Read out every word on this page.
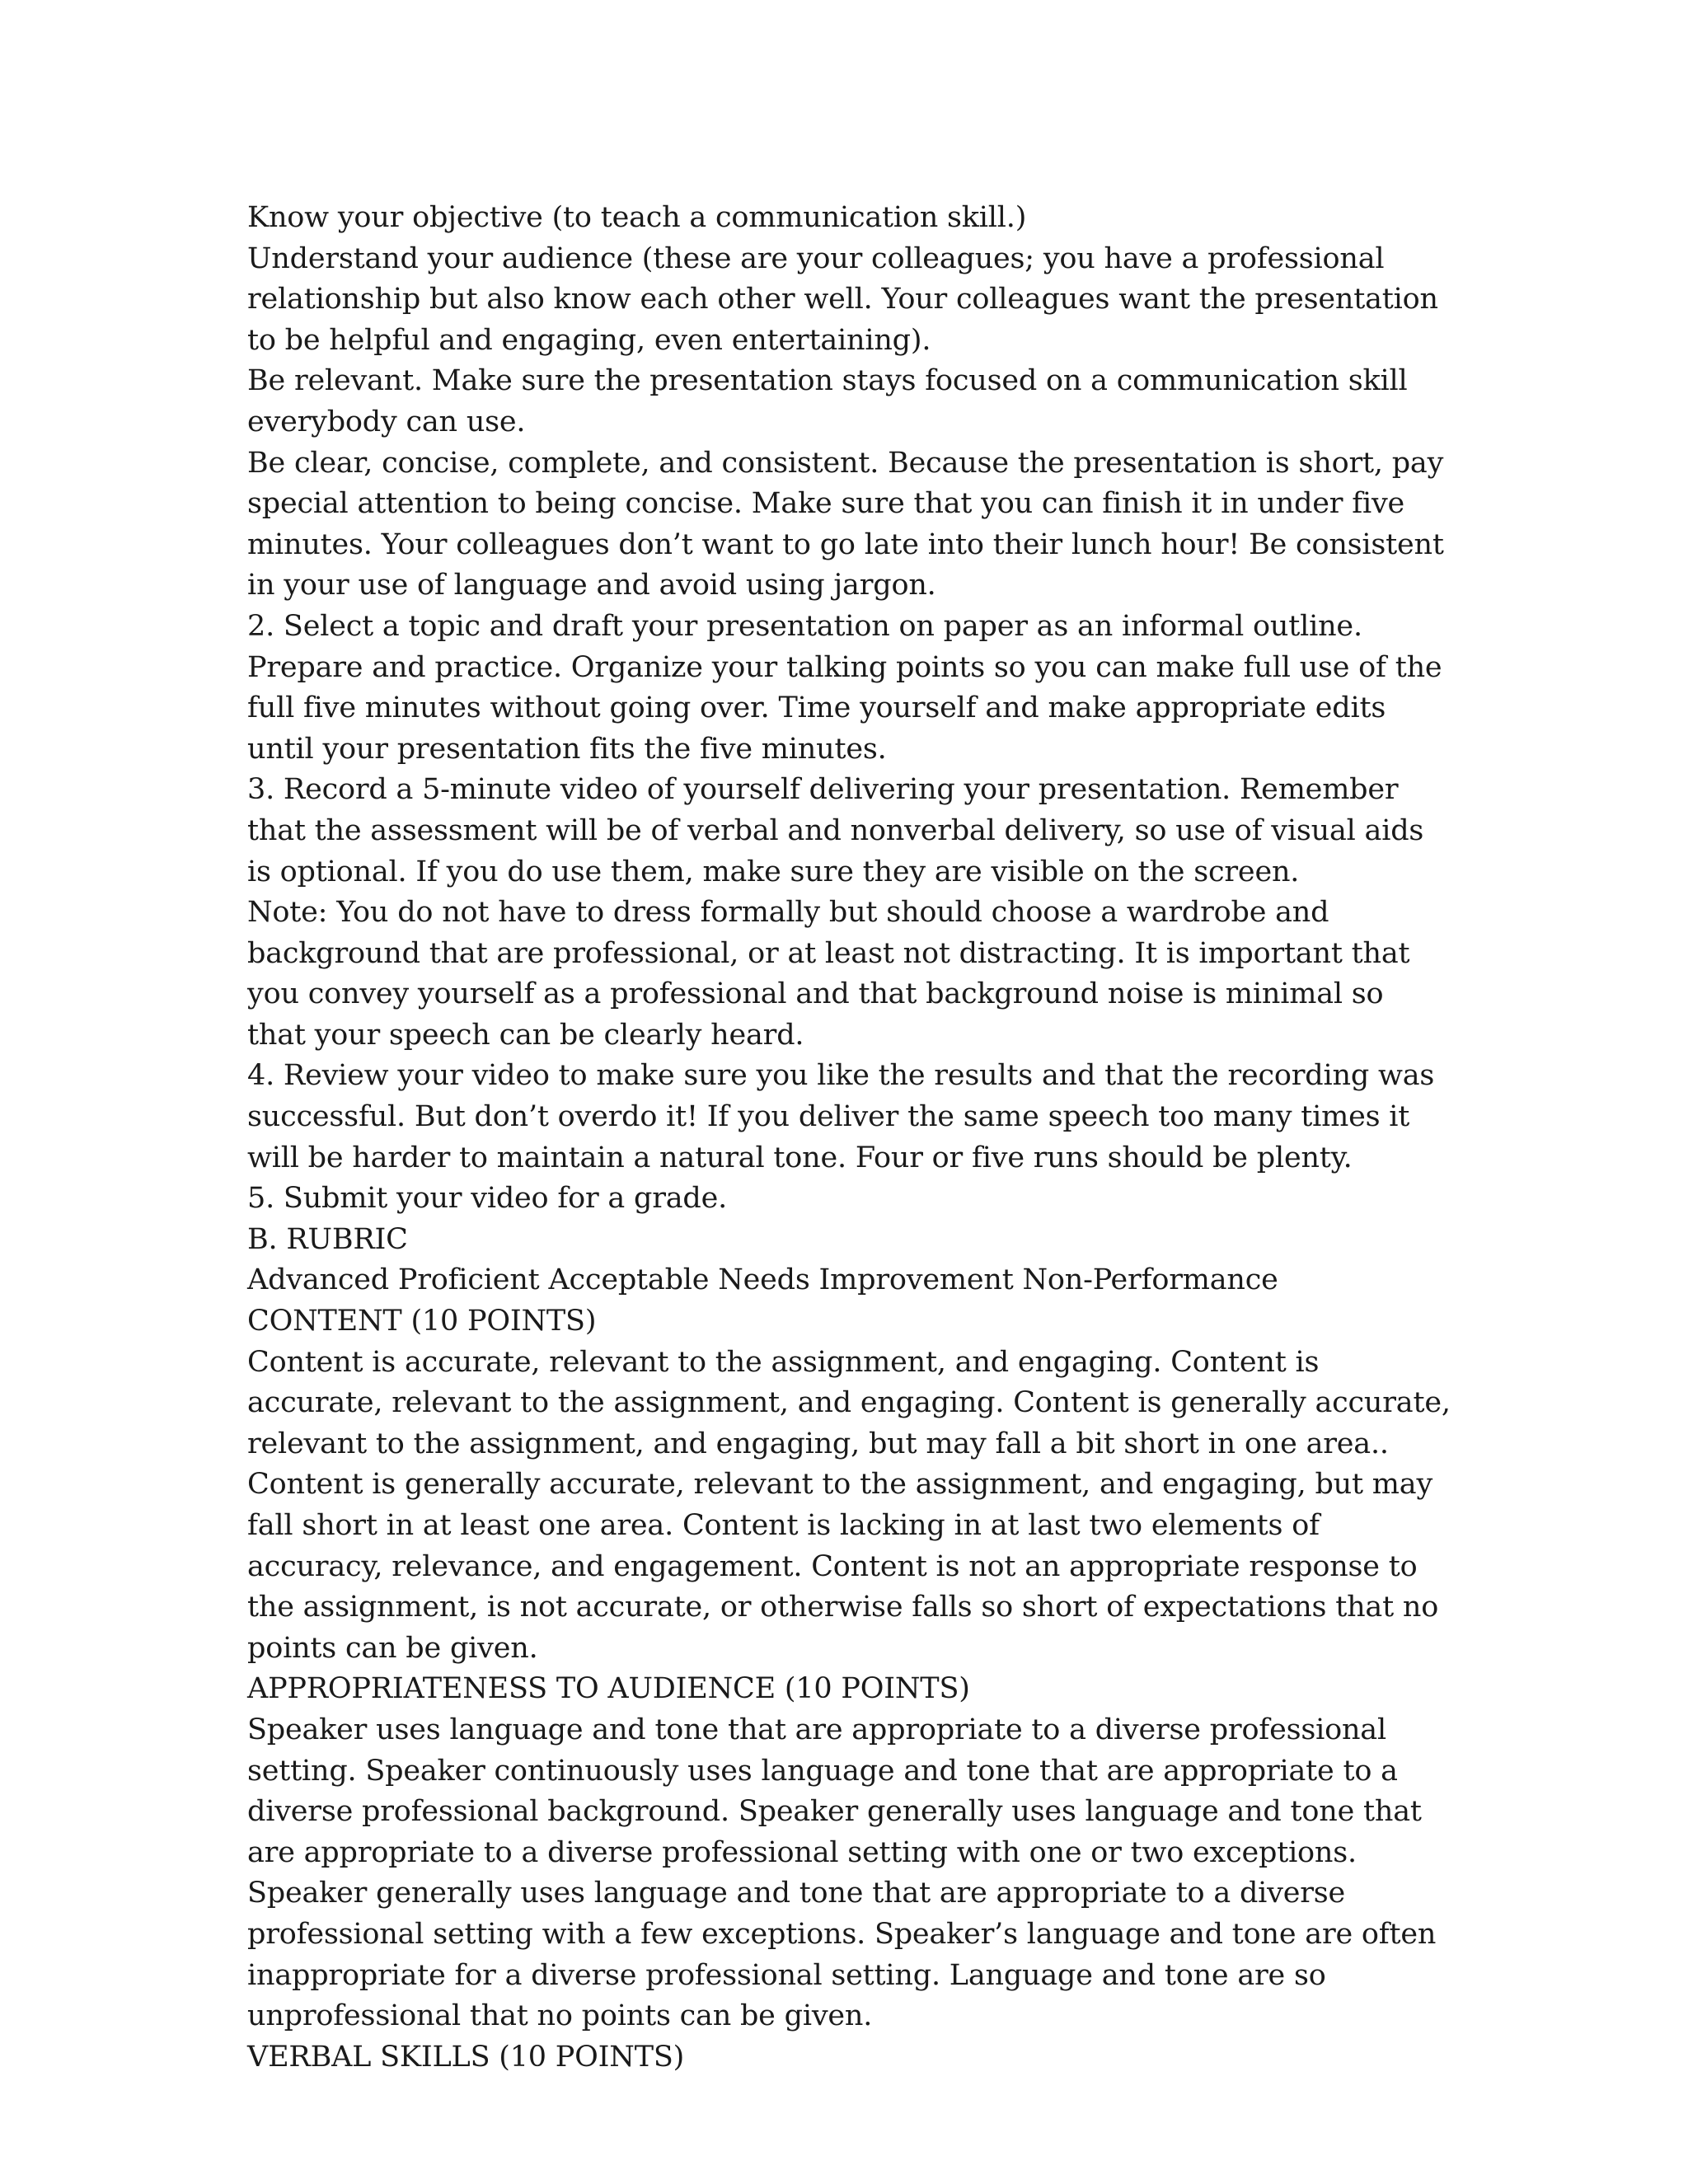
Know your objective (to teach a communication skill.)

Understand your audience (these are your colleagues; you have a professional relationship but also know each other well. Your colleagues want the presentation to be helpful and engaging, even entertaining).

Be relevant. Make sure the presentation stays focused on a communication skill everybody can use.

Be clear, concise, complete, and consistent. Because the presentation is short, pay special attention to being concise. Make sure that you can finish it in under five minutes. Your colleagues don’t want to go late into their lunch hour! Be consistent in your use of language and avoid using jargon.

2. Select a topic and draft your presentation on paper as an informal outline. Prepare and practice. Organize your talking points so you can make full use of the full five minutes without going over. Time yourself and make appropriate edits until your presentation fits the five minutes.

3. Record a 5-minute video of yourself delivering your presentation. Remember that the assessment will be of verbal and nonverbal delivery, so use of visual aids is optional. If you do use them, make sure they are visible on the screen.

Note: You do not have to dress formally but should choose a wardrobe and background that are professional, or at least not distracting. It is important that you convey yourself as a professional and that background noise is minimal so that your speech can be clearly heard.

4. Review your video to make sure you like the results and that the recording was successful. But don’t overdo it! If you deliver the same speech too many times it will be harder to maintain a natural tone. Four or five runs should be plenty.

5. Submit your video for a grade.

B. RUBRIC

Advanced Proficient Acceptable Needs Improvement Non-Performance

CONTENT (10 POINTS)

Content is accurate, relevant to the assignment, and engaging. Content is accurate, relevant to the assignment, and engaging. Content is generally accurate, relevant to the assignment, and engaging, but may fall a bit short in one area.. Content is generally accurate, relevant to the assignment, and engaging, but may fall short in at least one area. Content is lacking in at last two elements of accuracy, relevance, and engagement. Content is not an appropriate response to the assignment, is not accurate, or otherwise falls so short of expectations that no points can be given.

APPROPRIATENESS TO AUDIENCE (10 POINTS)

Speaker uses language and tone that are appropriate to a diverse professional setting. Speaker continuously uses language and tone that are appropriate to a diverse professional background. Speaker generally uses language and tone that are appropriate to a diverse professional setting with one or two exceptions. Speaker generally uses language and tone that are appropriate to a diverse professional setting with a few exceptions. Speaker’s language and tone are often inappropriate for a diverse professional setting. Language and tone are so unprofessional that no points can be given.

VERBAL SKILLS (10 POINTS)
